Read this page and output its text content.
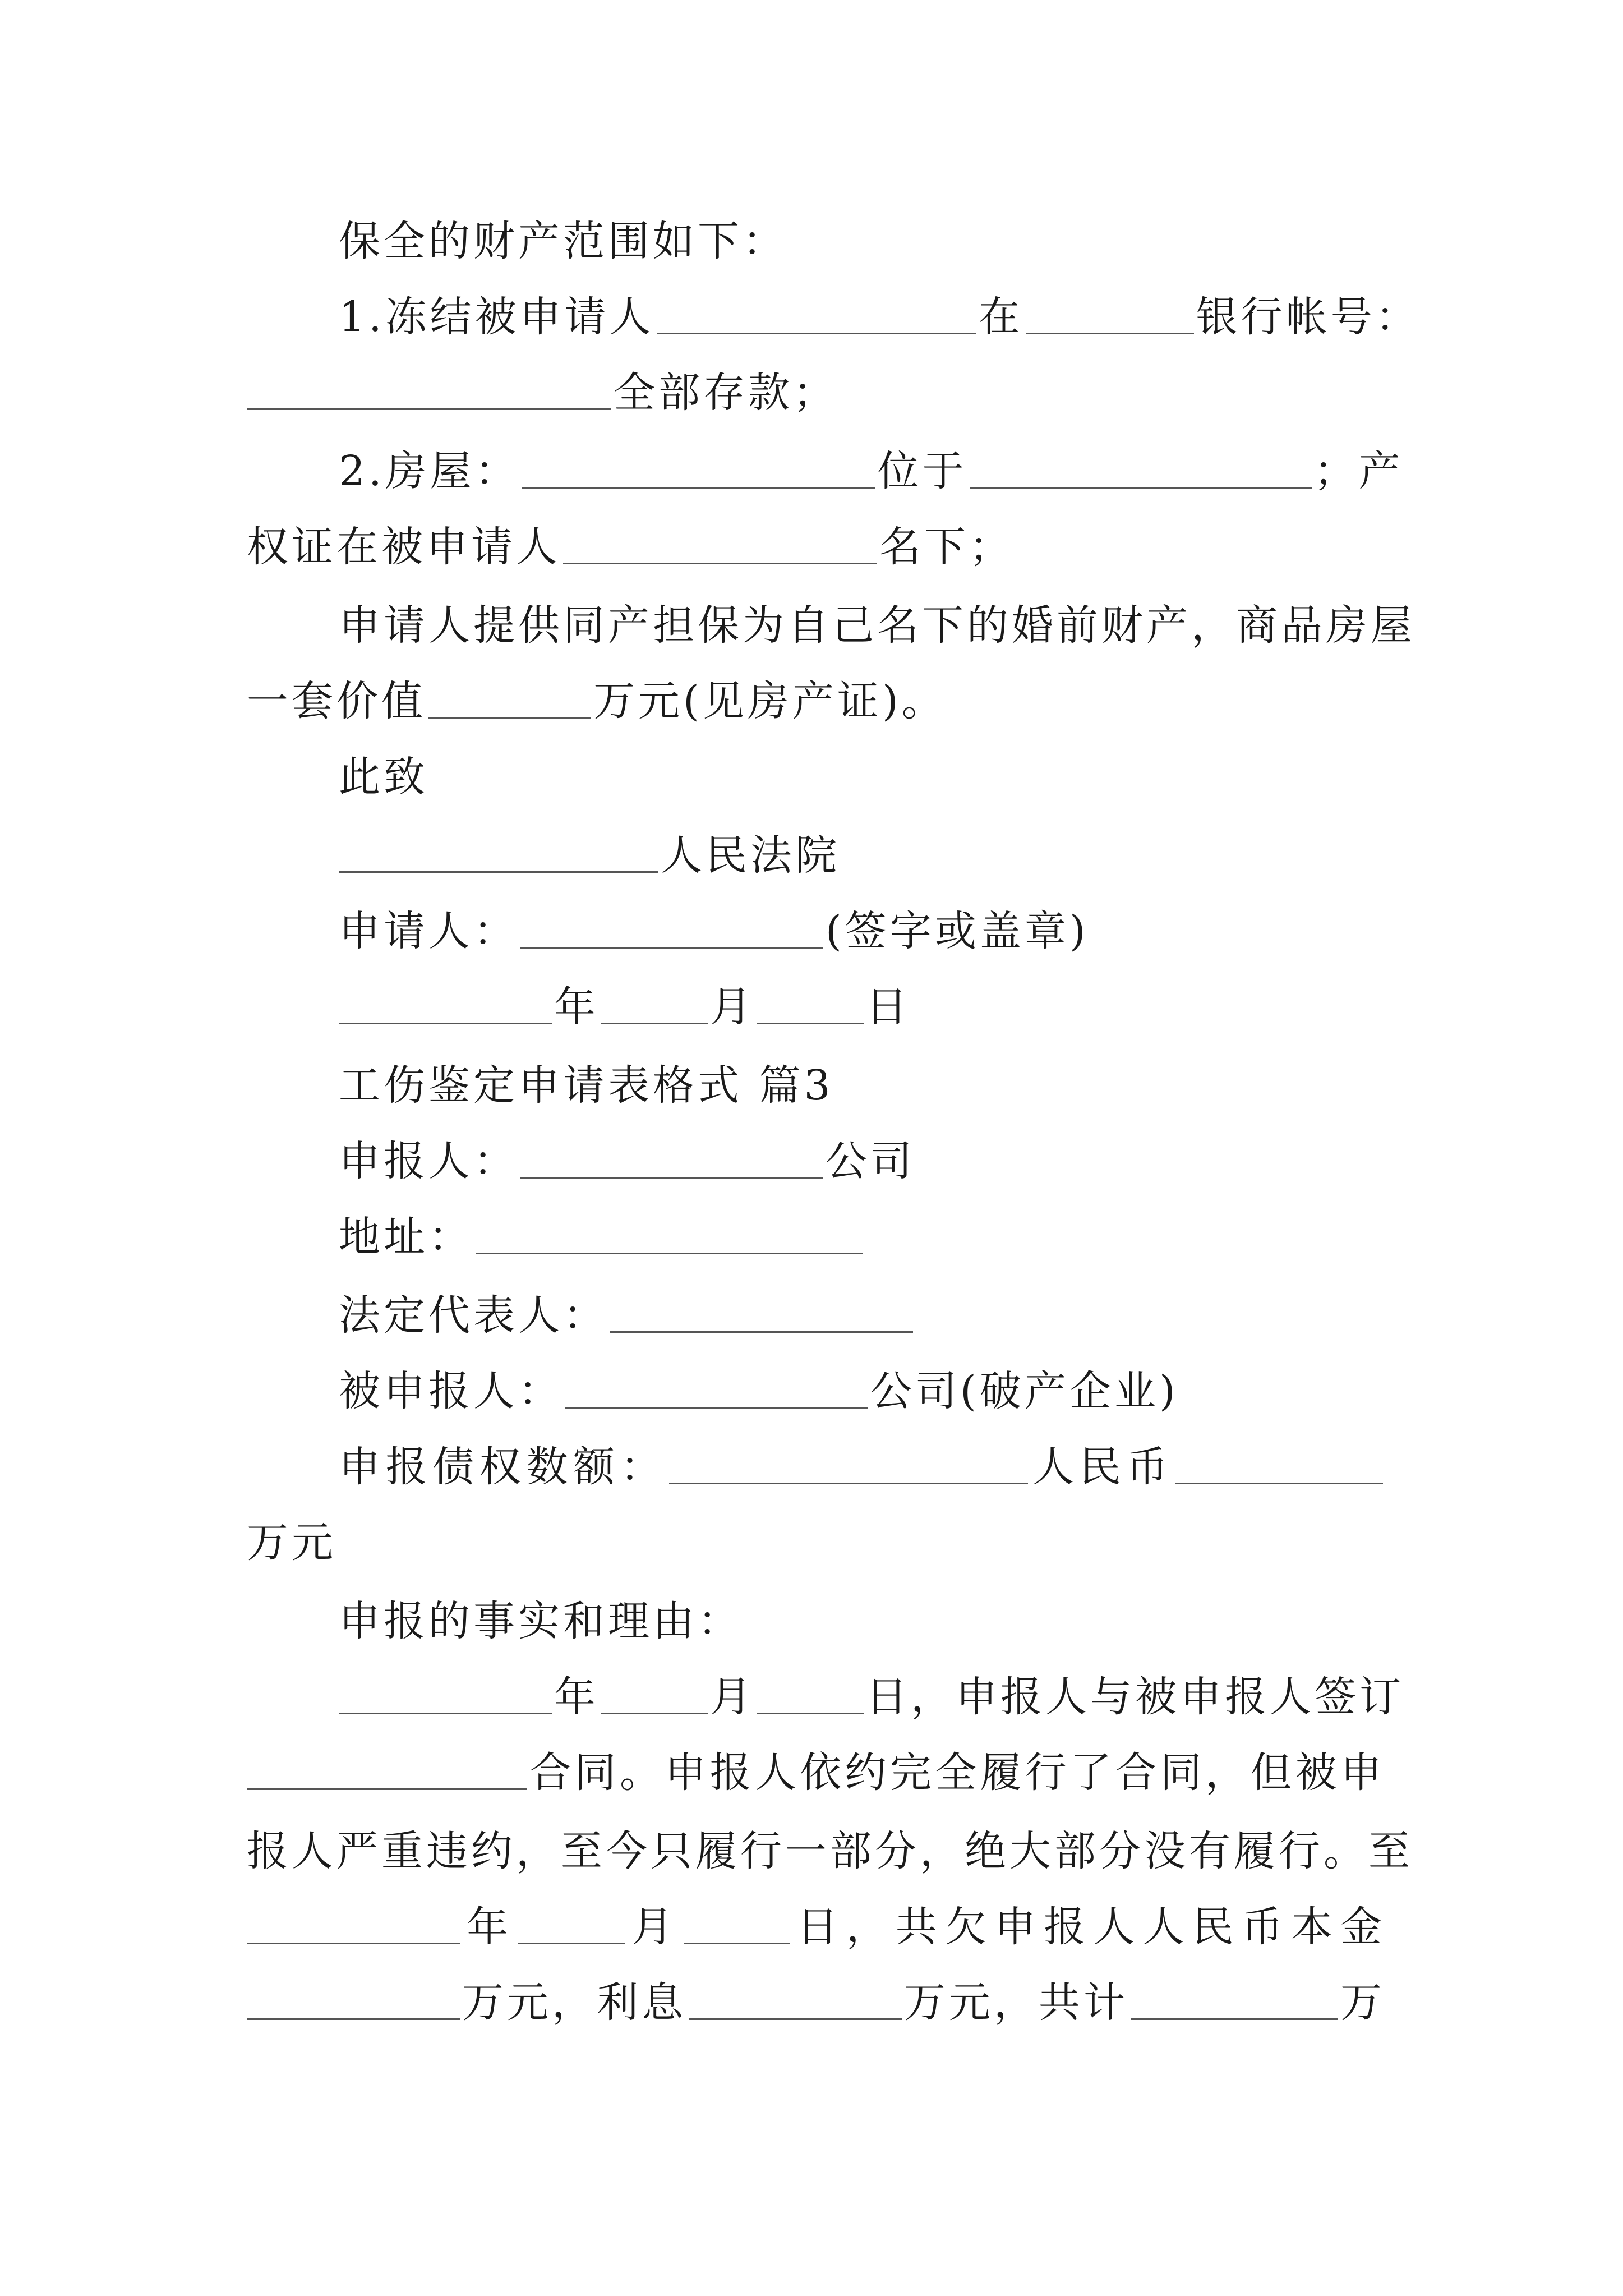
保全的财产范围如下：
1.冻结被申请人	在	银行帐号：
全部存款；
2.房屋：	位于	；产
权证在被申请人	名下；
申请人提供同产担保为自己名下的婚前财产，商品房屋
一套价值	万元(见房产证)。
此致
人民法院
申请人：	(签字或盖章)
年	月	日
工伤鉴定申请表格式 篇3
申报人：	公司
地址：
法定代表人：
被申报人：	公司(破产企业)
申报债权数额：	人民币
万元
申报的事实和理由：
年	月	日，申报人与被申报人签订
合同。申报人依约完全履行了合同，但被申
报人严重违约，至今只履行一部分，绝大部分没有履行。至
年	月	日，共欠申报人人民币本金
万元，利息	万元，共计	万
